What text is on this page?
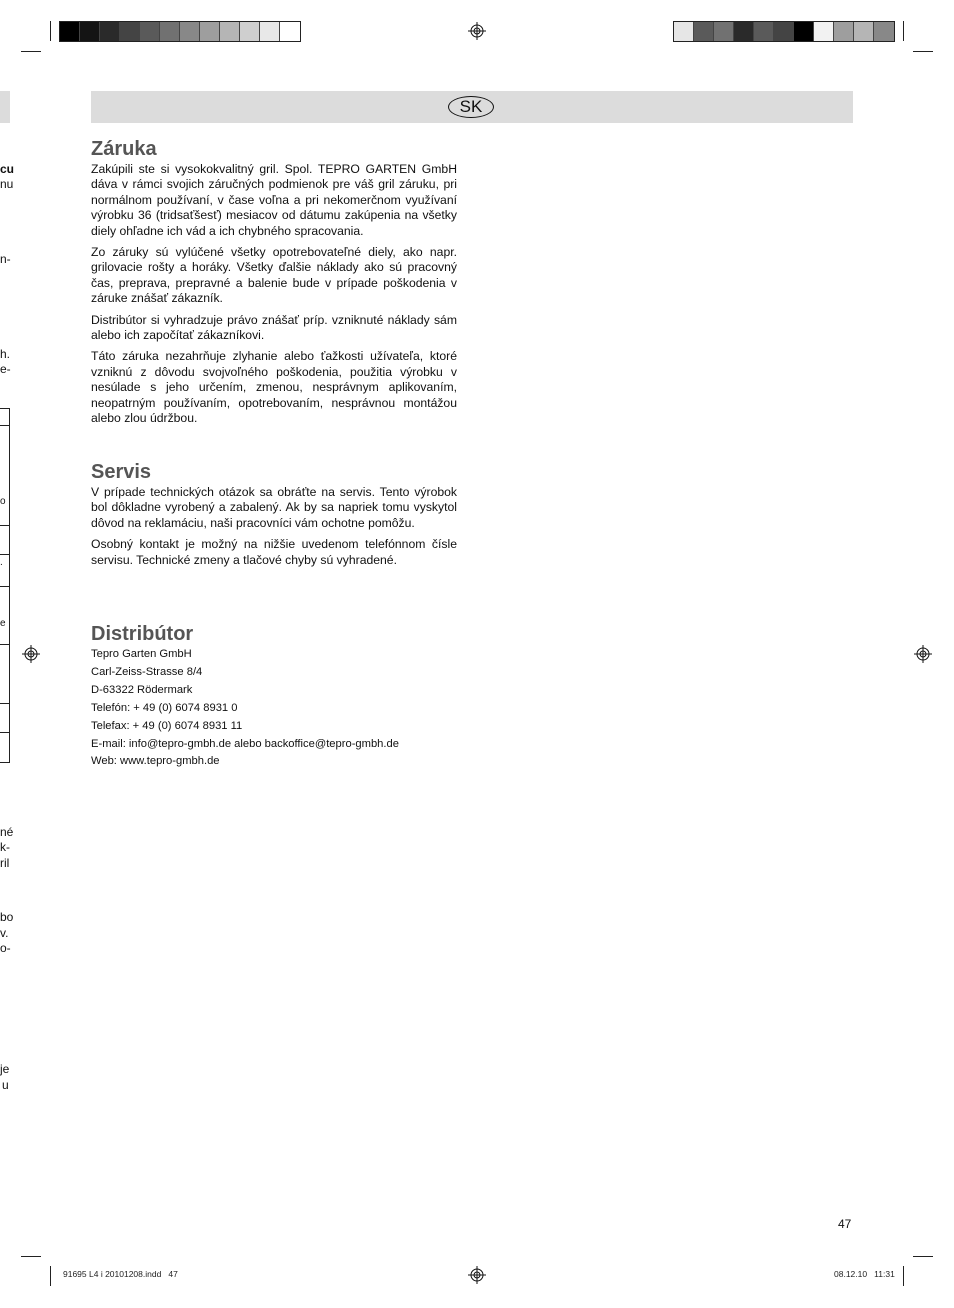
SK
Záruka

Zakúpili ste si vysokokvalitný gril. Spol. TEPRO GARTEN GmbH dáva v rámci svojich záručných podmienok pre váš gril záruku, pri normálnom používaní, v čase voľna a pri nekomerčnom využívaní výrobku 36 (tridsaťšesť) mesiacov od dátumu zakúpenia na všetky diely ohľadne ich vád a ich chybného spracovania.

Zo záruky sú vylúčené všetky opotrebovateľné diely, ako napr. grilovacie rošty a horáky. Všetky ďalšie náklady ako sú pracovný čas, preprava, prepravné a balenie bude v prípade poškodenia v záruke znášať zákazník.

Distribútor si vyhradzuje právo znášať príp. vzniknuté náklady sám alebo ich započítať zákazníkovi.

Táto záruka nezahrňuje zlyhanie alebo ťažkosti užívateľa, ktoré vzniknú z dôvodu svojvoľného poškodenia, použitia výrobku v nesúlade s jeho určením, zmenou, nesprávnym aplikovaním, neopatrným používaním, opotrebovaním, nesprávnou montážou alebo zlou údržbou.

Servis

V prípade technických otázok sa obráťte na servis. Tento výrobok bol dôkladne vyrobený a zabalený. Ak by sa napriek tomu vyskytol dôvod na reklamáciu, naši pracovníci vám ochotne pomôžu.

Osobný kontakt je možný na nižšie uvedenom telefónnom čísle servisu. Technické zmeny a tlačové chyby sú vyhradené.

Distribútor
Tepro Garten GmbH
Carl-Zeiss-Strasse 8/4
D-63322 Rödermark
Telefón: + 49 (0) 6074 8931 0
Telefax: + 49 (0) 6074 8931 11
E-mail: info@tepro-gmbh.de alebo backoffice@tepro-gmbh.de
Web: www.tepro-gmbh.de
cu
nu
n-
h.
e-
o
.
e
né
k-
ril
bo
v.
o-
je
u
47
91695 L4 i 20101208.indd   47	08.12.10   11:31
